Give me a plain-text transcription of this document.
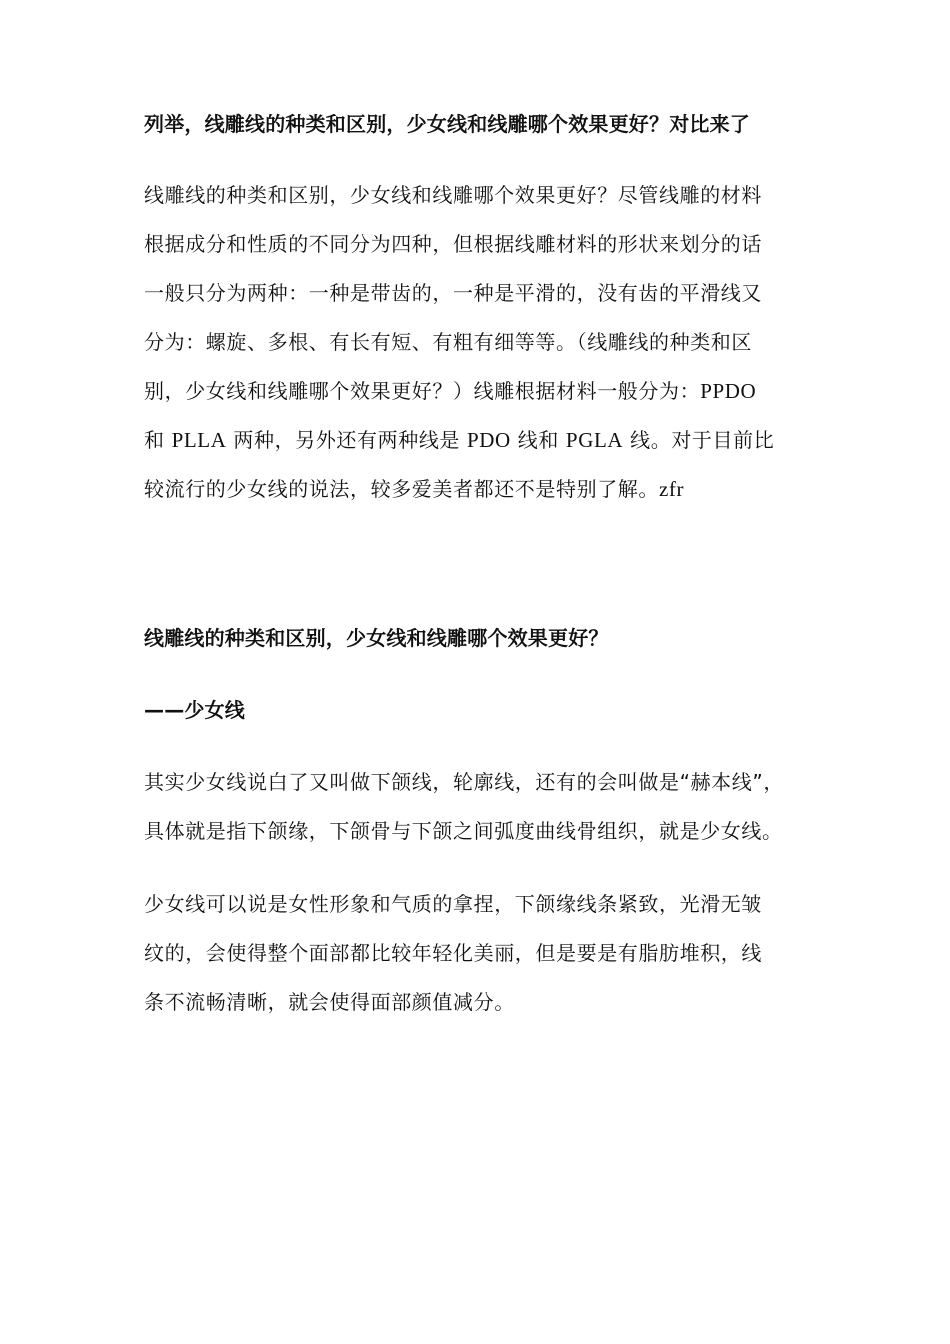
列举，线雕线的种类和区别，少女线和线雕哪个效果更好？对比来了
线雕线的种类和区别，少女线和线雕哪个效果更好？尽管线雕的材料
根据成分和性质的不同分为四种，但根据线雕材料的形状来划分的话
一般只分为两种：一种是带齿的，一种是平滑的，没有齿的平滑线又
分为：螺旋、多根、有长有短、有粗有细等等。（线雕线的种类和区
别，少女线和线雕哪个效果更好？）线雕根据材料一般分为：PPDO
和 PLLA 两种，另外还有两种线是 PDO 线和 PGLA 线。对于目前比
较流行的少女线的说法，较多爱美者都还不是特别了解。zfr
线雕线的种类和区别，少女线和线雕哪个效果更好？
——少女线
其实少女线说白了又叫做下颌线，轮廓线，还有的会叫做是“赫本线”，
具体就是指下颌缘，下颌骨与下颌之间弧度曲线骨组织，就是少女线。
少女线可以说是女性形象和气质的拿捏，下颌缘线条紧致，光滑无皱
纹的，会使得整个面部都比较年轻化美丽，但是要是有脂肪堆积，线
条不流畅清晰，就会使得面部颜值减分。
